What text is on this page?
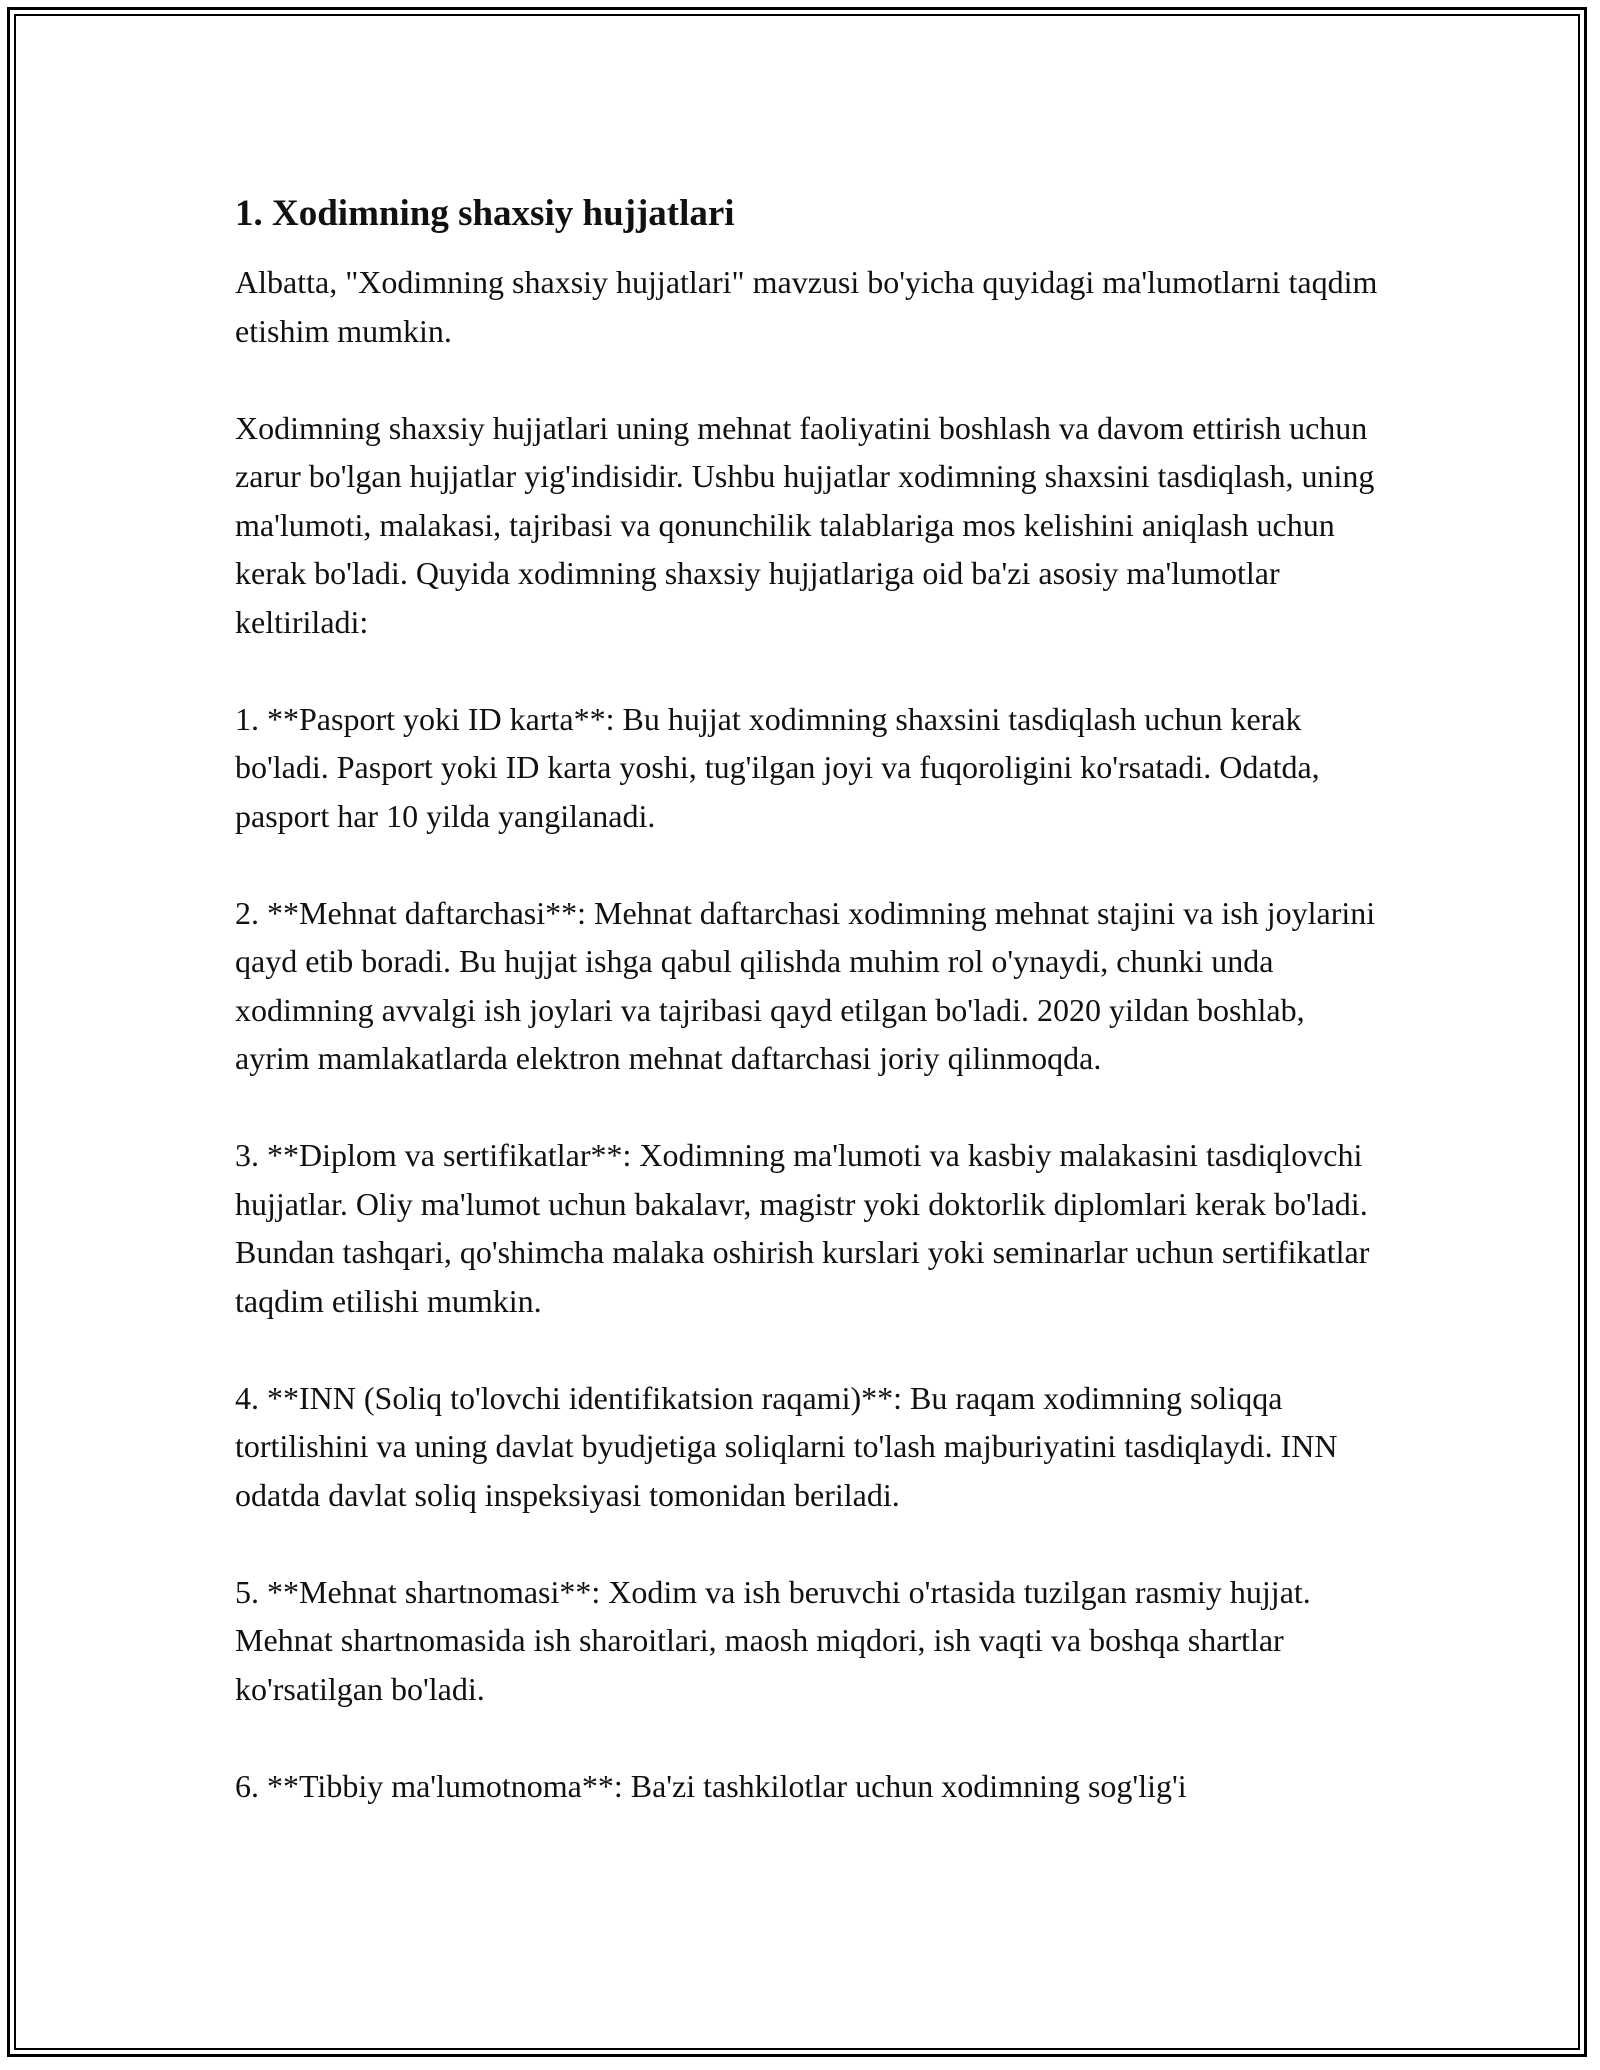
1. Xodimning shaxsiy hujjatlari

Albatta, "Xodimning shaxsiy hujjatlari" mavzusi bo'yicha quyidagi ma'lumotlarni taqdim etishim mumkin.

Xodimning shaxsiy hujjatlari uning mehnat faoliyatini boshlash va davom ettirish uchun zarur bo'lgan hujjatlar yig'indisidir. Ushbu hujjatlar xodimning shaxsini tasdiqlash, uning ma'lumoti, malakasi, tajribasi va qonunchilik talablariga mos kelishini aniqlash uchun kerak bo'ladi. Quyida xodimning shaxsiy hujjatlariga oid ba'zi asosiy ma'lumotlar keltiriladi:

1. **Pasport yoki ID karta**: Bu hujjat xodimning shaxsini tasdiqlash uchun kerak bo'ladi. Pasport yoki ID karta yoshi, tug'ilgan joyi va fuqoroligini ko'rsatadi. Odatda, pasport har 10 yilda yangilanadi.

2. **Mehnat daftarchasi**: Mehnat daftarchasi xodimning mehnat stajini va ish joylarini qayd etib boradi. Bu hujjat ishga qabul qilishda muhim rol o'ynaydi, chunki unda xodimning avvalgi ish joylari va tajribasi qayd etilgan bo'ladi. 2020 yildan boshlab, ayrim mamlakatlarda elektron mehnat daftarchasi joriy qilinmoqda.

3. **Diplom va sertifikatlar**: Xodimning ma'lumoti va kasbiy malakasini tasdiqlovchi hujjatlar. Oliy ma'lumot uchun bakalavr, magistr yoki doktorlik diplomlari kerak bo'ladi. Bundan tashqari, qo'shimcha malaka oshirish kurslari yoki seminarlar uchun sertifikatlar taqdim etilishi mumkin.

4. **INN (Soliq to'lovchi identifikatsion raqami)**: Bu raqam xodimning soliqqa tortilishini va uning davlat byudjetiga soliqlarni to'lash majburiyatini tasdiqlaydi. INN odatda davlat soliq inspeksiyasi tomonidan beriladi.

5. **Mehnat shartnomasi**: Xodim va ish beruvchi o'rtasida tuzilgan rasmiy hujjat. Mehnat shartnomasida ish sharoitlari, maosh miqdori, ish vaqti va boshqa shartlar ko'rsatilgan bo'ladi.

6. **Tibbiy ma'lumotnoma**: Ba'zi tashkilotlar uchun xodimning sog'lig'i
